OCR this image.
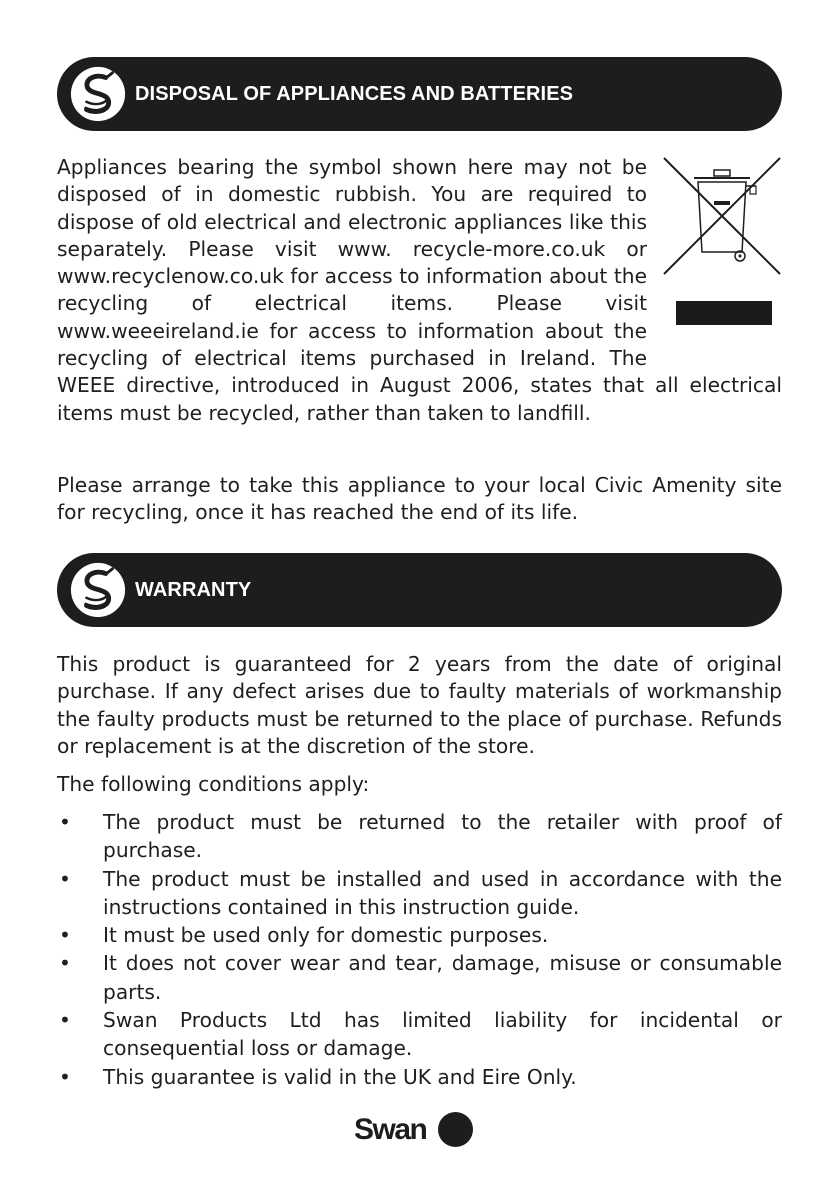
DISPOSAL OF APPLIANCES AND BATTERIES

Appliances bearing the symbol shown here may not be disposed of in domestic rubbish. You are required to dispose of old electrical and electronic appliances like this separately. Please visit www. recycle-more.co.uk or www.recyclenow.co.uk for access to information about the recycling of electrical items. Please visit www.weeeireland.ie for access to information about the recycling of electrical items purchased in Ireland. The WEEE directive, introduced in August 2006, states that all electrical items must be recycled, rather than taken to landfill.

Please arrange to take this appliance to your local Civic Amenity site for recycling, once it has reached the end of its life.

WARRANTY

This product is guaranteed for 2 years from the date of original purchase. If any defect arises due to faulty materials of workmanship the faulty products must be returned to the place of purchase. Refunds or replacement is at the discretion of the store.

The following conditions apply:

• The product must be returned to the retailer with proof of purchase.
• The product must be installed and used in accordance with the instructions contained in this instruction guide.
• It must be used only for domestic purposes.
• It does not cover wear and tear, damage, misuse or consumable parts.
• Swan Products Ltd has limited liability for incidental or consequential loss or damage.
• This guarantee is valid in the UK and Eire Only.
Swan
